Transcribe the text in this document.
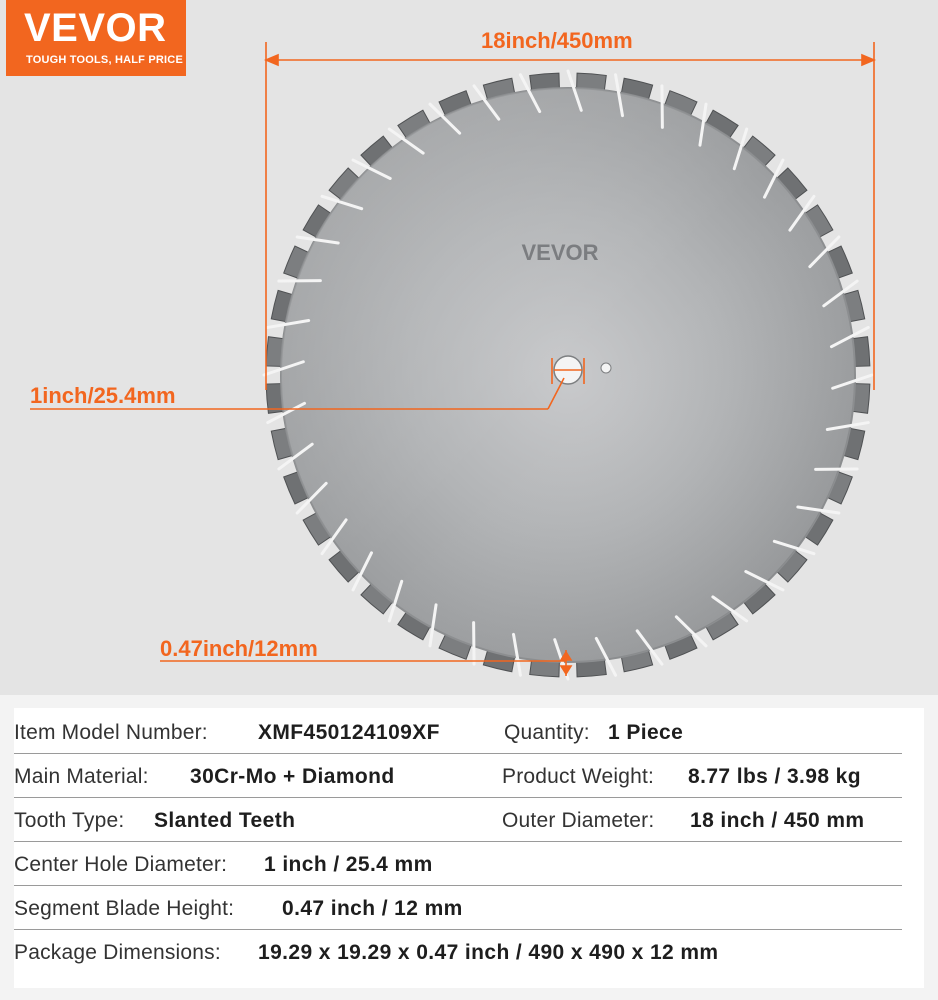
VEVOR
VEVOR
TOUGH TOOLS, HALF PRICE
18inch/450mm
1inch/25.4mm
0.47inch/12mm
Item Model Number: XMF450124109XF	Quantity: 1 Piece
Main Material: 30Cr-Mo + Diamond	Product Weight: 8.77 lbs / 3.98 kg
Tooth Type: Slanted Teeth	Outer Diameter: 18 inch / 450 mm
Center Hole Diameter: 1 inch / 25.4 mm
Segment Blade Height: 0.47 inch / 12 mm
Package Dimensions: 19.29 x 19.29 x 0.47 inch / 490 x 490 x 12 mm
